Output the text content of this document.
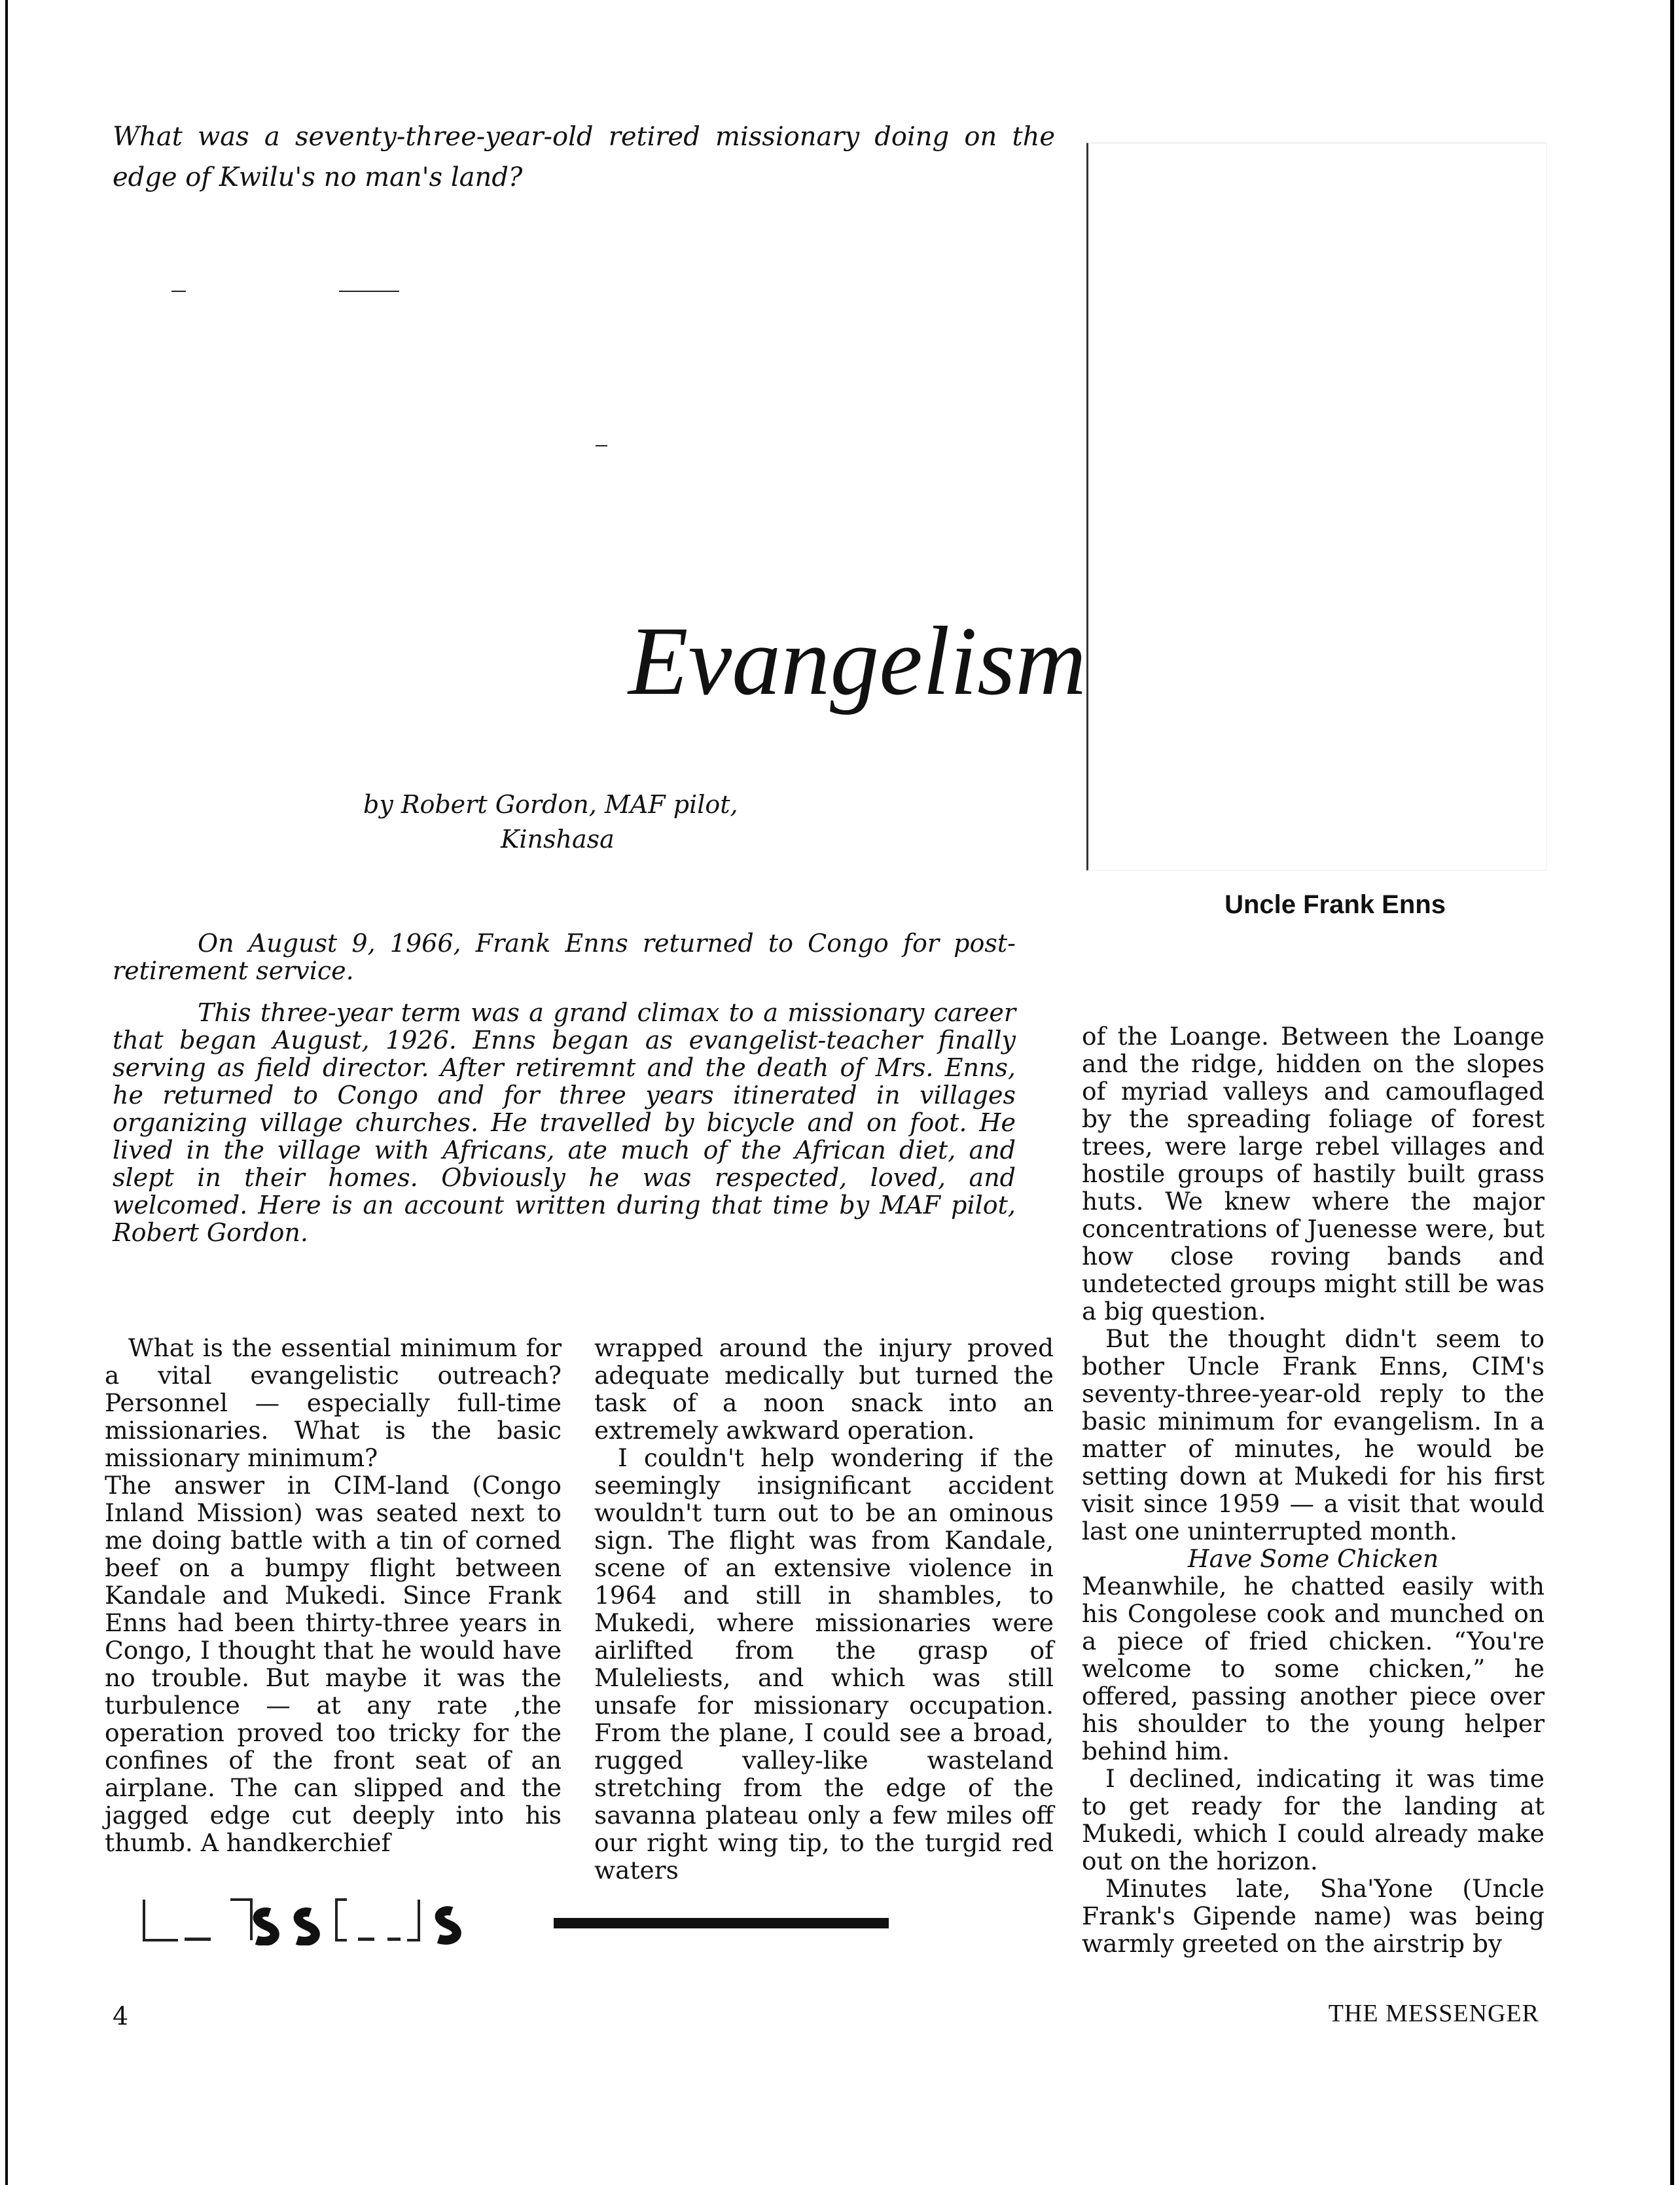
What was a seventy-three-year-old retired missionary doing on the edge of Kwilu's no man's land?
Uncle Frank Enns
Evangelism
by Robert Gordon, MAF pilot,
Kinshasa
On August 9, 1966, Frank Enns returned to Congo for post-retirement service.
This three-year term was a grand climax to a missionary career that began August, 1926. Enns began as evangelist-teacher finally serving as field director. After retiremnt and the death of Mrs. Enns, he returned to Congo and for three years itinerated in villages organizing village churches. He travelled by bicycle and on foot. He lived in the village with Africans, ate much of the African diet, and slept in their homes. Obviously he was respected, loved, and welcomed. Here is an account written during that time by MAF pilot, Robert Gordon.

What is the essential minimum for a vital evangelistic outreach? Personnel — especially full-time missionaries. What is the basic missionary minimum?

The answer in CIM-land (Congo Inland Mission) was seated next to me doing battle with a tin of corned beef on a bumpy flight between Kandale and Mukedi. Since Frank Enns had been thirty-three years in Congo, I thought that he would have no trouble. But maybe it was the turbulence — at any rate ,the operation proved too tricky for the confines of the front seat of an airplane. The can slipped and the jagged edge cut deeply into his thumb. A handkerchief

wrapped around the injury proved adequate medically but turned the task of a noon snack into an extremely awkward operation.

I couldn't help wondering if the seemingly insignificant accident wouldn't turn out to be an ominous sign. The flight was from Kandale, scene of an extensive violence in 1964 and still in shambles, to Mukedi, where missionaries were airlifted from the grasp of Muleliests, and which was still unsafe for missionary occupation. From the plane, I could see a broad, rugged valley-like wasteland stretching from the edge of the savanna plateau only a few miles off our right wing tip, to the turgid red waters

of the Loange. Between the Loange and the ridge, hidden on the slopes of myriad valleys and camouflaged by the spreading foliage of forest trees, were large rebel villages and hostile groups of hastily built grass huts. We knew where the major concentrations of Juenesse were, but how close roving bands and undetected groups might still be was a big question.

But the thought didn't seem to bother Uncle Frank Enns, CIM's seventy-three-year-old reply to the basic minimum for evangelism. In a matter of minutes, he would be setting down at Mukedi for his first visit since 1959 — a visit that would last one uninterrupted month.

Have Some Chicken

Meanwhile, he chatted easily with his Congolese cook and munched on a piece of fried chicken. “You're welcome to some chicken,” he offered, passing another piece over his shoulder to the young helper behind him.

I declined, indicating it was time to get ready for the landing at Mukedi, which I could already make out on the horizon.

Minutes late, Sha'Yone (Uncle Frank's Gipende name) was being warmly greeted on the airstrip by

4	THE MESSENGER
